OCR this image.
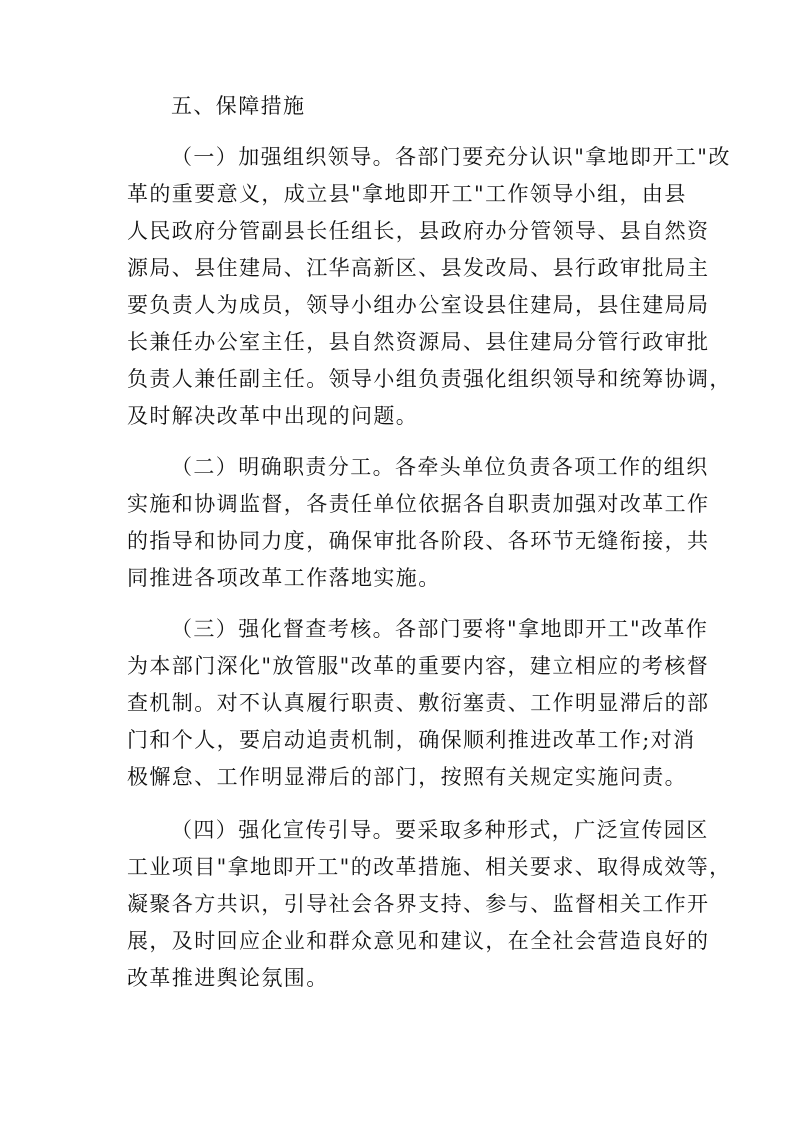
五、保障措施
（一）加强组织领导。各部门要充分认识"拿地即开工"改
革的重要意义，成立县"拿地即开工"工作领导小组，由县
人民政府分管副县长任组长，县政府办分管领导、县自然资
源局、县住建局、江华高新区、县发改局、县行政审批局主
要负责人为成员，领导小组办公室设县住建局，县住建局局
长兼任办公室主任，县自然资源局、县住建局分管行政审批
负责人兼任副主任。领导小组负责强化组织领导和统筹协调，
及时解决改革中出现的问题。
（二）明确职责分工。各牵头单位负责各项工作的组织
实施和协调监督，各责任单位依据各自职责加强对改革工作
的指导和协同力度，确保审批各阶段、各环节无缝衔接，共
同推进各项改革工作落地实施。
（三）强化督查考核。各部门要将"拿地即开工"改革作
为本部门深化"放管服"改革的重要内容，建立相应的考核督
查机制。对不认真履行职责、敷衍塞责、工作明显滞后的部
门和个人，要启动追责机制，确保顺利推进改革工作;对消
极懈怠、工作明显滞后的部门，按照有关规定实施问责。
（四）强化宣传引导。要采取多种形式，广泛宣传园区
工业项目"拿地即开工"的改革措施、相关要求、取得成效等，
凝聚各方共识，引导社会各界支持、参与、监督相关工作开
展，及时回应企业和群众意见和建议，在全社会营造良好的
改革推进舆论氛围。
